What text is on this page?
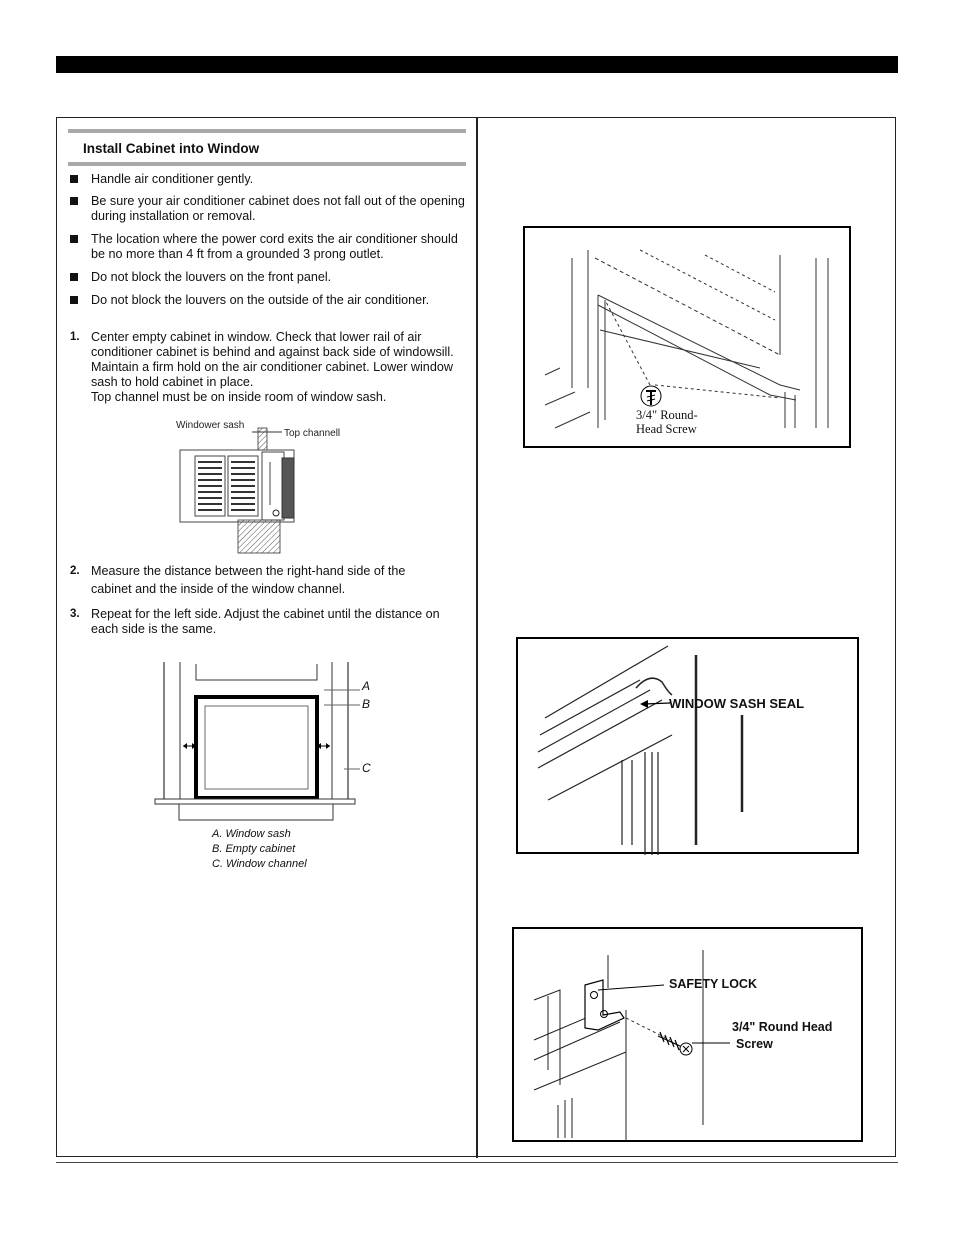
Install Cabinet into Window
Handle air conditioner gently.
Be sure your air conditioner cabinet does not fall out of the opening during installation or removal.
The location where the power cord exits the air conditioner should be no more than 4 ft from a grounded 3 prong outlet.
Do not block the louvers on the front panel.
Do not block the louvers on the outside of the air conditioner.
1. Center empty cabinet in window. Check that lower rail of air conditioner cabinet is behind and against back side of windowsill. Maintain a firm hold on the air conditioner cabinet. Lower window sash to hold cabinet in place.
Top channel must be on inside room of window sash.
2. Measure the distance between the right-hand side of the
cabinet and the inside of the window channel.
3. Repeat for the left side. Adjust the cabinet until the distance on each side is the same.
Windower sash
Top channell
A
B
C
A. Window sash
B. Empty cabinet
C. Window channel
3/4" Round-
Head Screw
WINDOW SASH SEAL
SAFETY LOCK
3/4" Round Head
Screw
